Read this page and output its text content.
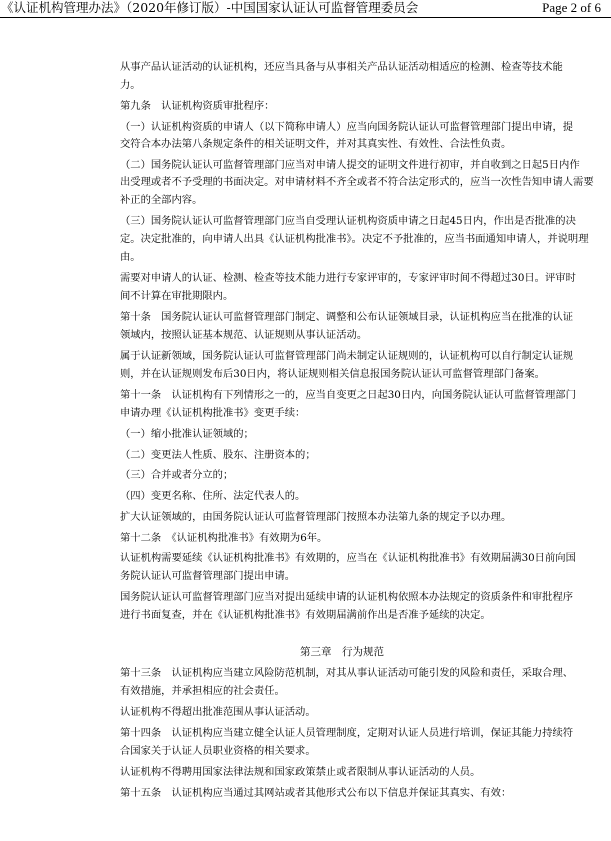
《认证机构管理办法》（2020年修订版）-中国国家认证认可监督管理委员会	Page 2 of 6
从事产品认证活动的认证机构，还应当具备与从事相关产品认证活动相适应的检测、检查等技术能
力。
第九条　认证机构资质审批程序：
（一）认证机构资质的申请人（以下简称申请人）应当向国务院认证认可监督管理部门提出申请，提
交符合本办法第八条规定条件的相关证明文件，并对其真实性、有效性、合法性负责。
（二）国务院认证认可监督管理部门应当对申请人提交的证明文件进行初审，并自收到之日起5日内作
出受理或者不予受理的书面决定。对申请材料不齐全或者不符合法定形式的，应当一次性告知申请人需要
补正的全部内容。
（三）国务院认证认可监督管理部门应当自受理认证机构资质申请之日起45日内，作出是否批准的决
定。决定批准的，向申请人出具《认证机构批准书》。决定不予批准的，应当书面通知申请人，并说明理
由。
需要对申请人的认证、检测、检查等技术能力进行专家评审的，专家评审时间不得超过30日。评审时
间不计算在审批期限内。
第十条　国务院认证认可监督管理部门制定、调整和公布认证领域目录，认证机构应当在批准的认证
领域内，按照认证基本规范、认证规则从事认证活动。
属于认证新领域，国务院认证认可监督管理部门尚未制定认证规则的，认证机构可以自行制定认证规
则，并在认证规则发布后30日内，将认证规则相关信息报国务院认证认可监督管理部门备案。
第十一条　认证机构有下列情形之一的，应当自变更之日起30日内，向国务院认证认可监督管理部门
申请办理《认证机构批准书》变更手续：
（一）缩小批准认证领域的；
（二）变更法人性质、股东、注册资本的；
（三）合并或者分立的；
（四）变更名称、住所、法定代表人的。
扩大认证领域的，由国务院认证认可监督管理部门按照本办法第九条的规定予以办理。
第十二条　《认证机构批准书》有效期为6年。
认证机构需要延续《认证机构批准书》有效期的，应当在《认证机构批准书》有效期届满30日前向国
务院认证认可监督管理部门提出申请。
国务院认证认可监督管理部门应当对提出延续申请的认证机构依照本办法规定的资质条件和审批程序
进行书面复查，并在《认证机构批准书》有效期届满前作出是否准予延续的决定。
第三章　行为规范
第十三条　认证机构应当建立风险防范机制，对其从事认证活动可能引发的风险和责任，采取合理、
有效措施，并承担相应的社会责任。
认证机构不得超出批准范围从事认证活动。
第十四条　认证机构应当建立健全认证人员管理制度，定期对认证人员进行培训，保证其能力持续符
合国家关于认证人员职业资格的相关要求。
认证机构不得聘用国家法律法规和国家政策禁止或者限制从事认证活动的人员。
第十五条　认证机构应当通过其网站或者其他形式公布以下信息并保证其真实、有效：
